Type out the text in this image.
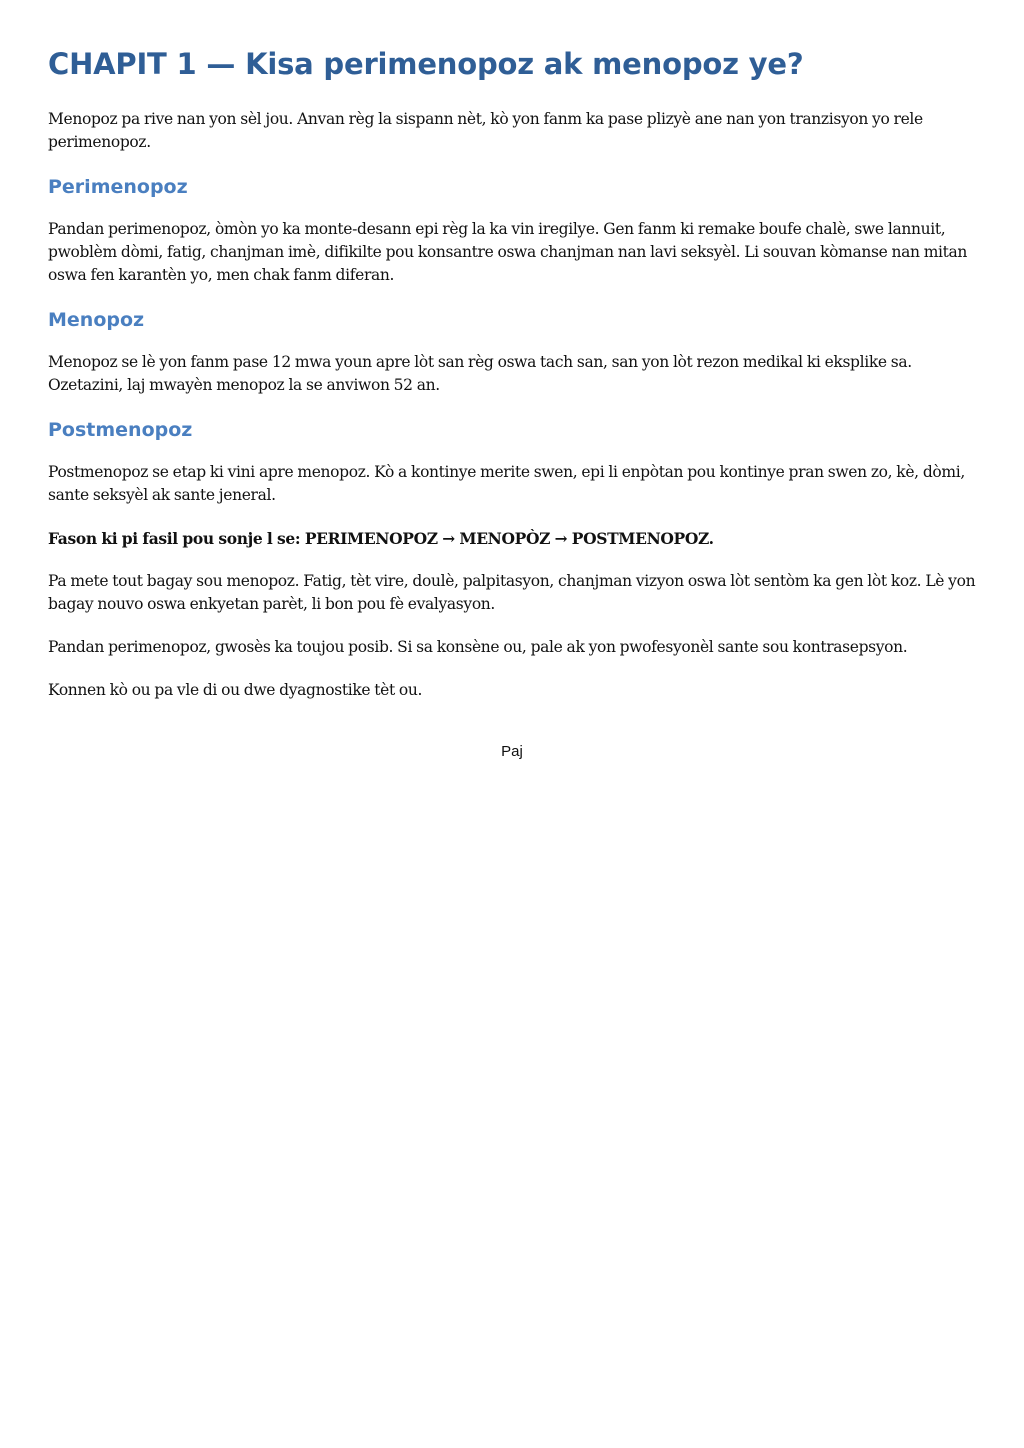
CHAPIT 1 — Kisa perimenopoz ak menopoz ye?

Menopoz pa rive nan yon sèl jou. Anvan règ la sispann nèt, kò yon fanm ka pase plizyè ane nan yon tranzisyon yo rele perimenopoz.

Perimenopoz

Pandan perimenopoz, òmòn yo ka monte-desann epi règ la ka vin iregilye. Gen fanm ki remake boufe chalè, swe lannuit, pwoblèm dòmi, fatig, chanjman imè, difikilte pou konsantre oswa chanjman nan lavi seksyèl. Li souvan kòmanse nan mitan oswa fen karantèn yo, men chak fanm diferan.

Menopoz

Menopoz se lè yon fanm pase 12 mwa youn apre lòt san règ oswa tach san, san yon lòt rezon medikal ki eksplike sa. Ozetazini, laj mwayèn menopoz la se anviwon 52 an.

Postmenopoz

Postmenopoz se etap ki vini apre menopoz. Kò a kontinye merite swen, epi li enpòtan pou kontinye pran swen zo, kè, dòmi, sante seksyèl ak sante jeneral.

Fason ki pi fasil pou sonje l se: PERIMENOPOZ → MENOPÒZ → POSTMENOPOZ.

Pa mete tout bagay sou menopoz. Fatig, tèt vire, doulè, palpitasyon, chanjman vizyon oswa lòt sentòm ka gen lòt koz. Lè yon bagay nouvo oswa enkyetan parèt, li bon pou fè evalyasyon.

Pandan perimenopoz, gwosès ka toujou posib. Si sa konsène ou, pale ak yon pwofesyonèl sante sou kontrasepsyon.

Konnen kò ou pa vle di ou dwe dyagnostike tèt ou.

Paj
